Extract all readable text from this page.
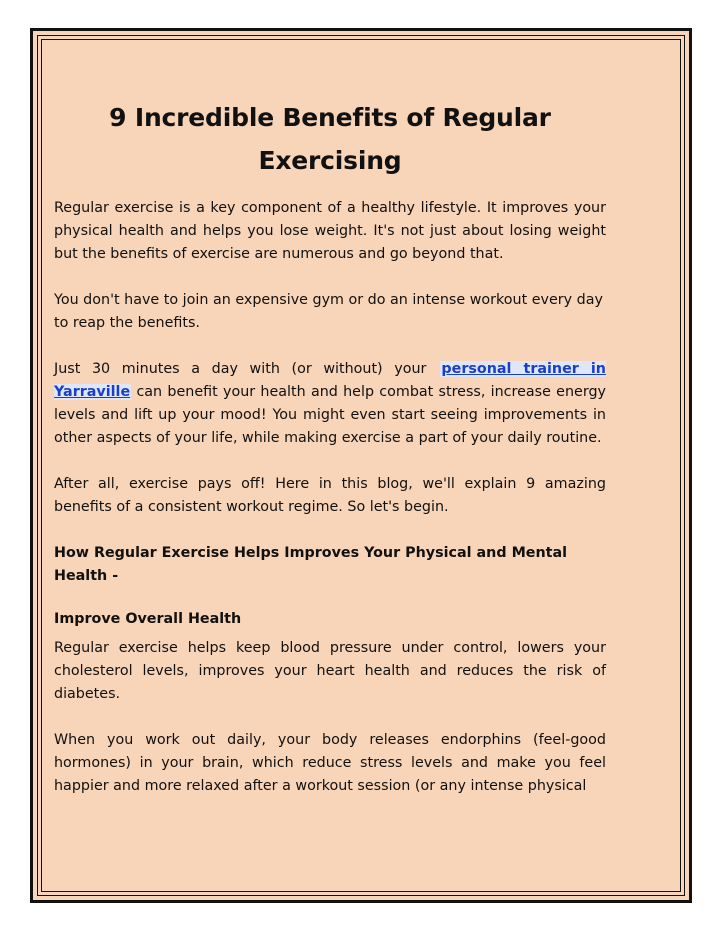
9 Incredible Benefits of Regular Exercising

Regular exercise is a key component of a healthy lifestyle. It improves your physical health and helps you lose weight. It's not just about losing weight but the benefits of exercise are numerous and go beyond that.

You don't have to join an expensive gym or do an intense workout every day to reap the benefits.

Just 30 minutes a day with (or without) your personal trainer in Yarraville can benefit your health and help combat stress, increase energy levels and lift up your mood! You might even start seeing improvements in other aspects of your life, while making exercise a part of your daily routine.

After all, exercise pays off! Here in this blog, we'll explain 9 amazing benefits of a consistent workout regime. So let's begin.

How Regular Exercise Helps Improves Your Physical and Mental Health -
Improve Overall Health

Regular exercise helps keep blood pressure under control, lowers your cholesterol levels, improves your heart health and reduces the risk of diabetes.

When you work out daily, your body releases endorphins (feel-good hormones) in your brain, which reduce stress levels and make you feel happier and more relaxed after a workout session (or any intense physical
